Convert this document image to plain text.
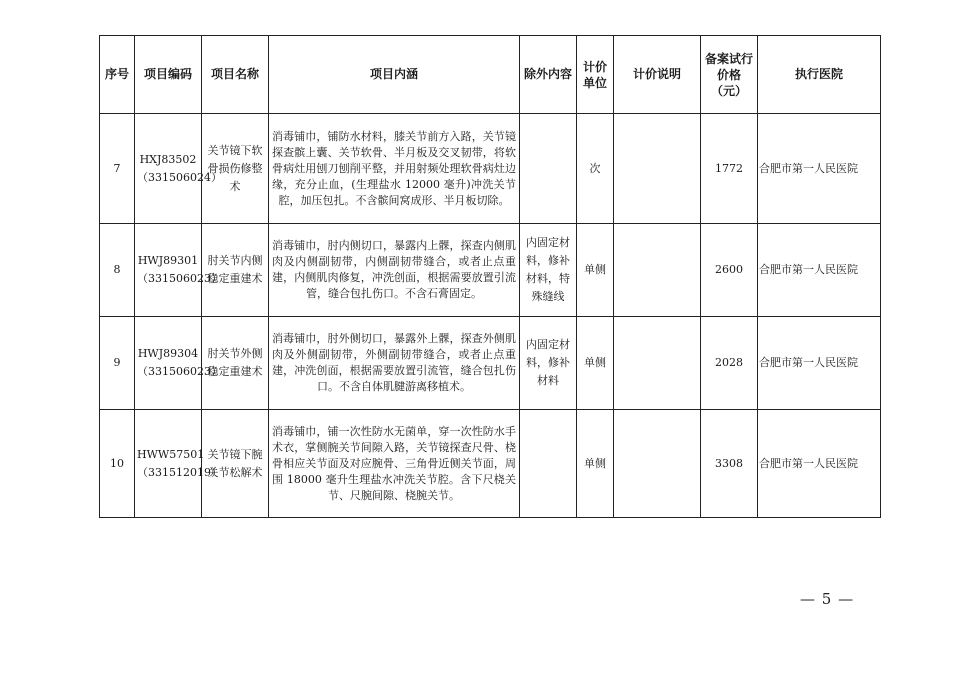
序号	项目编码	项目名称	项目内涵	除外内容	计价单位	计价说明	备案试行价格（元）	执行医院
7	HXJ83502（331506024）	关节镜下软骨损伤修整术	消毒铺巾，铺防水材料，膝关节前方入路，关节镜探查髌上囊、关节软骨、半月板及交叉韧带，将软骨病灶用刨刀刨削平整，并用射频处理软骨病灶边缘，充分止血，(生理盐水 12000 毫升)冲洗关节腔，加压包扎。不含髌间窝成形、半月板切除。		次		1772	合肥市第一人民医院
8	HWJ89301（331506023）	肘关节内侧稳定重建术	消毒铺巾，肘内侧切口，暴露内上髁，探查内侧肌肉及内侧副韧带，内侧副韧带缝合，或者止点重建，内侧肌肉修复，冲洗创面，根据需要放置引流管，缝合包扎伤口。不含石膏固定。	内固定材料，修补材料，特殊缝线	单侧		2600	合肥市第一人民医院
9	HWJ89304（331506023）	肘关节外侧稳定重建术	消毒铺巾，肘外侧切口，暴露外上髁，探查外侧肌肉及外侧副韧带，外侧副韧带缝合，或者止点重建，冲洗创面，根据需要放置引流管，缝合包扎伤口。不含自体肌腱游离移植术。	内固定材料，修补材料	单侧		2028	合肥市第一人民医院
10	HWW57501（331512019）	关节镜下腕关节松解术	消毒铺巾，铺一次性防水无菌单，穿一次性防水手术衣，掌侧腕关节间隙入路，关节镜探查尺骨、桡骨相应关节面及对应腕骨、三角骨近侧关节面，周围 18000 毫升生理盐水冲洗关节腔。含下尺桡关节、尺腕间隙、桡腕关节。		单侧		3308	合肥市第一人民医院
— 5 —
